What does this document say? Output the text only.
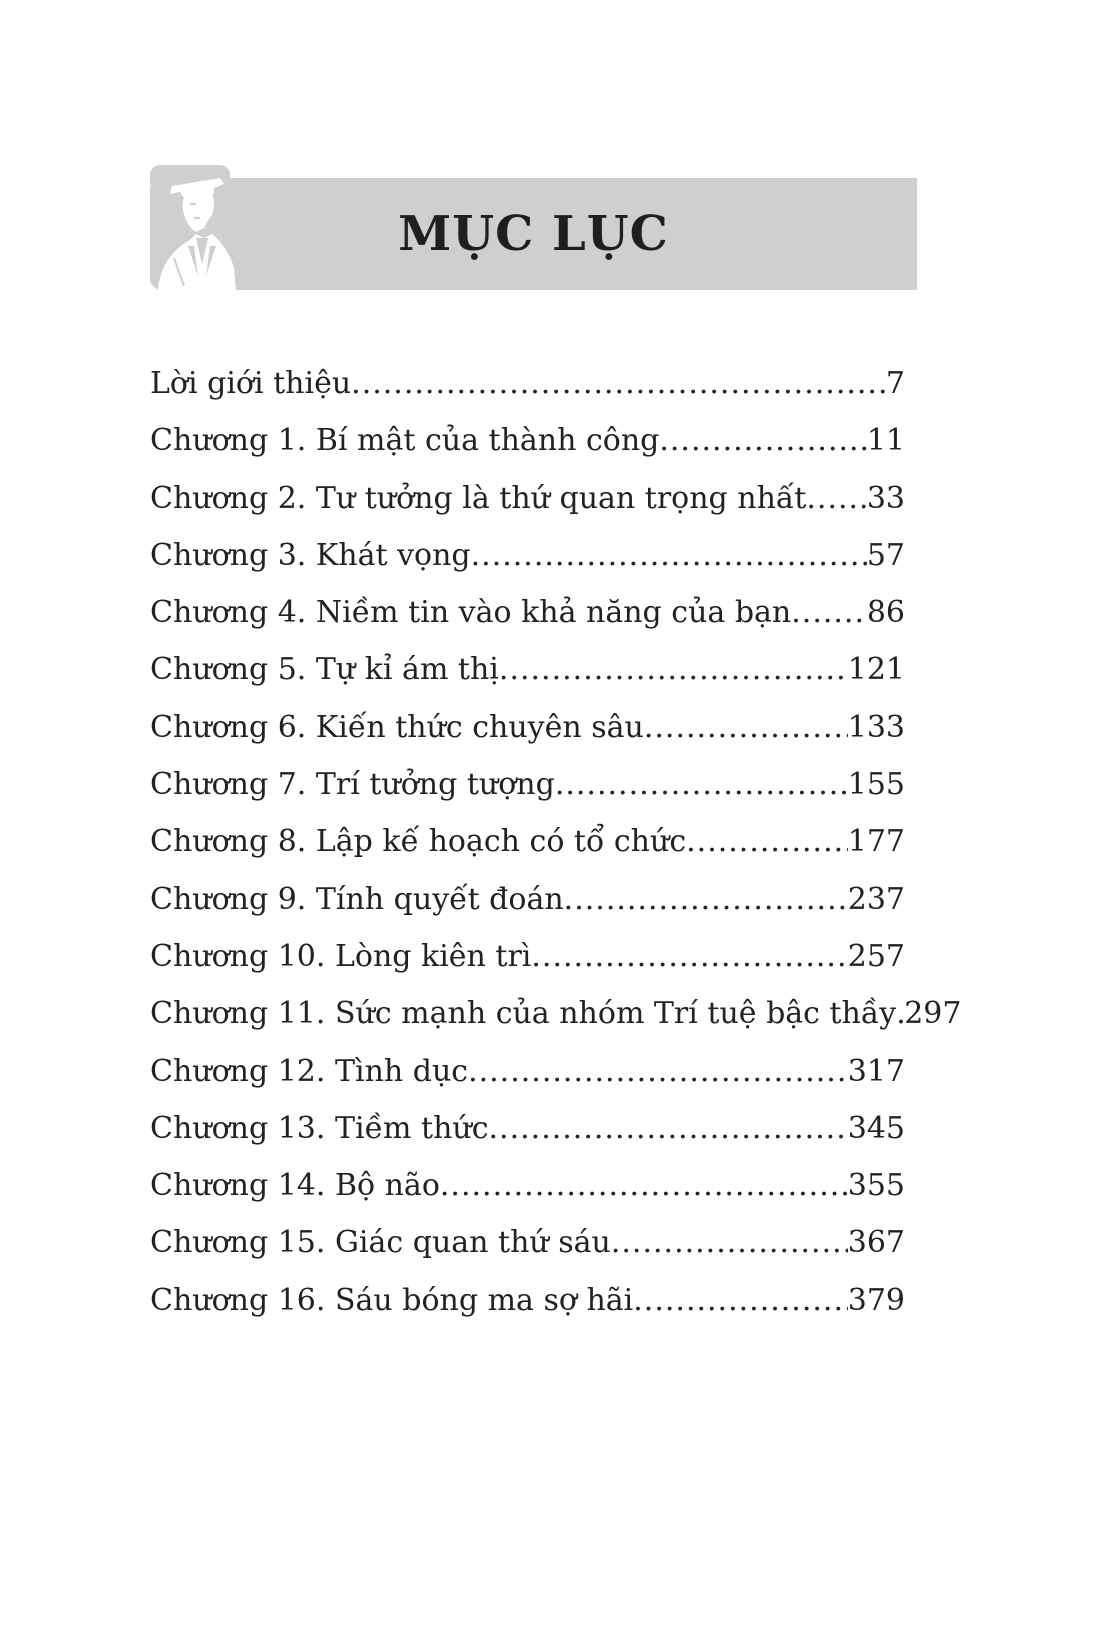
MỤC LỤC
Lời giới thiệu .....	7
Chương 1. Bí mật của thành công .....	11
Chương 2. Tư tưởng là thứ quan trọng nhất ..... 33
Chương 3. Khát vọng .....	57
Chương 4. Niềm tin vào khả năng của bạn .....	86
Chương 5. Tự kỉ ám thị .....	121
Chương 6. Kiến thức chuyên sâu .....	133
Chương 7. Trí tưởng tượng .....	155
Chương 8. Lập kế hoạch có tổ chức .....	177
Chương 9. Tính quyết đoán .....	237
Chương 10. Lòng kiên trì .....	257
Chương 11. Sức mạnh của nhóm Trí tuệ bậc thầy ..... 297
Chương 12. Tình dục .....	317
Chương 13. Tiềm thức .....	345
Chương 14. Bộ não .....	355
Chương 15. Giác quan thứ sáu .....	367
Chương 16. Sáu bóng ma sợ hãi .....	379
